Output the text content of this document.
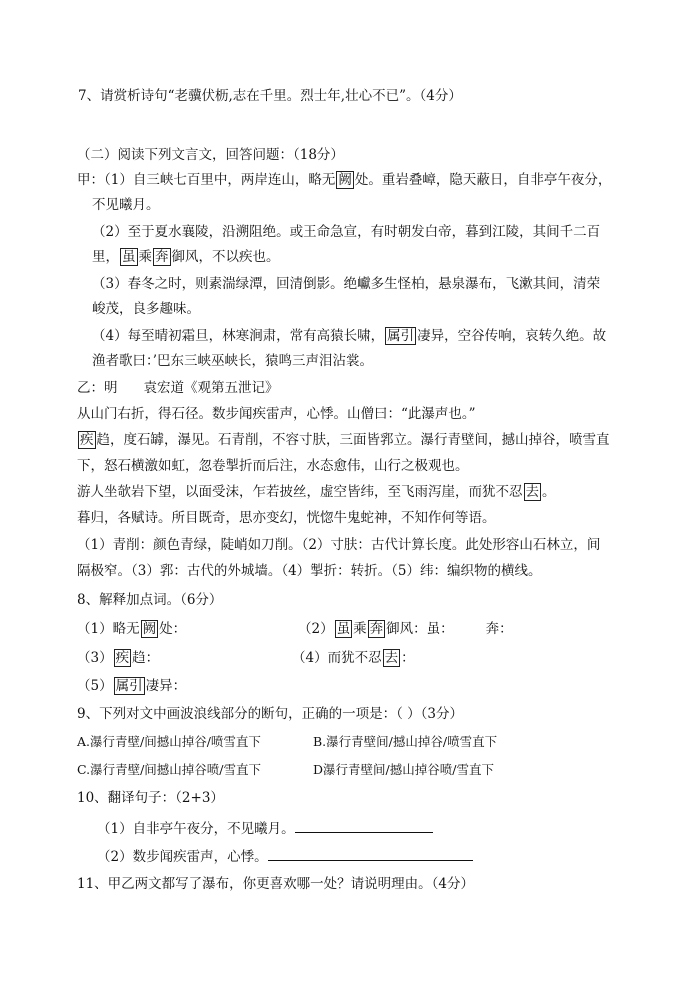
7、请赏析诗句“老骥伏枥,志在千里。烈士年,壮心不已”。（4分）
（二）阅读下列文言文，回答问题：（18分）
甲：（1）自三峡七百里中，两岸连山，略无 阙 处。重岩叠嶂，隐天蔽日，自非亭午夜分，
不见曦月。
（2）至于夏水襄陵，沿溯阻绝。或王命急宣，有时朝发白帝，暮到江陵，其间千二百
里， 虽 乘 奔 御风，不以疾也。
（3）春冬之时，则素湍绿潭，回清倒影。绝巘多生怪柏，悬泉瀑布，飞漱其间，清荣
峻茂，良多趣味。
（4）每至晴初霜旦，林寒涧肃，常有高猿长啸， 属引 凄异，空谷传响，哀转久绝。故
渔者歌曰：’巴东三峡巫峡长，猿鸣三声泪沾裳。
乙：明 袁宏道《观第五泄记》
从山门右折，得石径。数步闻疾雷声，心悸。山僧曰：“此瀑声也。”
疾 趋，度石罅，瀑见。石青削，不容寸肤，三面皆郛立。瀑行青壁间，撼山掉谷，喷雪直
下，怒石横激如虹，忽卷掣折而后注，水态愈伟，山行之极观也。
游人坐欹岩下望，以面受沫，乍若披丝，虚空皆纬，至飞雨泻崖，而犹不忍 去 。
暮归，各赋诗。所目既奇，思亦变幻，恍惚牛鬼蛇神，不知作何等语。
（1）青削：颜色青绿，陡峭如刀削。（2）寸肤：古代计算长度。此处形容山石林立，间
隔极窄。（3）郛：古代的外城墙。（4）掣折：转折。（5）纬：编织物的横线。
8、解释加点词。（6分）
（1）略无 阙 处：	（2） 虽 乘 奔 御风：虽： 奔：
（3） 疾 趋：	（4）而犹不忍 去 ：
（5） 属引 凄异：
9、下列对文中画波浪线部分的断句，正确的一项是：（ ）（3分）
A.瀑行青壁/间撼山掉谷/喷雪直下	B.瀑行青壁间/撼山掉谷/喷雪直下
C.瀑行青壁/间撼山掉谷喷/雪直下	D瀑行青壁间/撼山掉谷喷/雪直下
10、翻译句子：（2+3）
（1）自非亭午夜分，不见曦月。
（2）数步闻疾雷声，心悸。
11、甲乙两文都写了瀑布，你更喜欢哪一处？请说明理由。（4分）
